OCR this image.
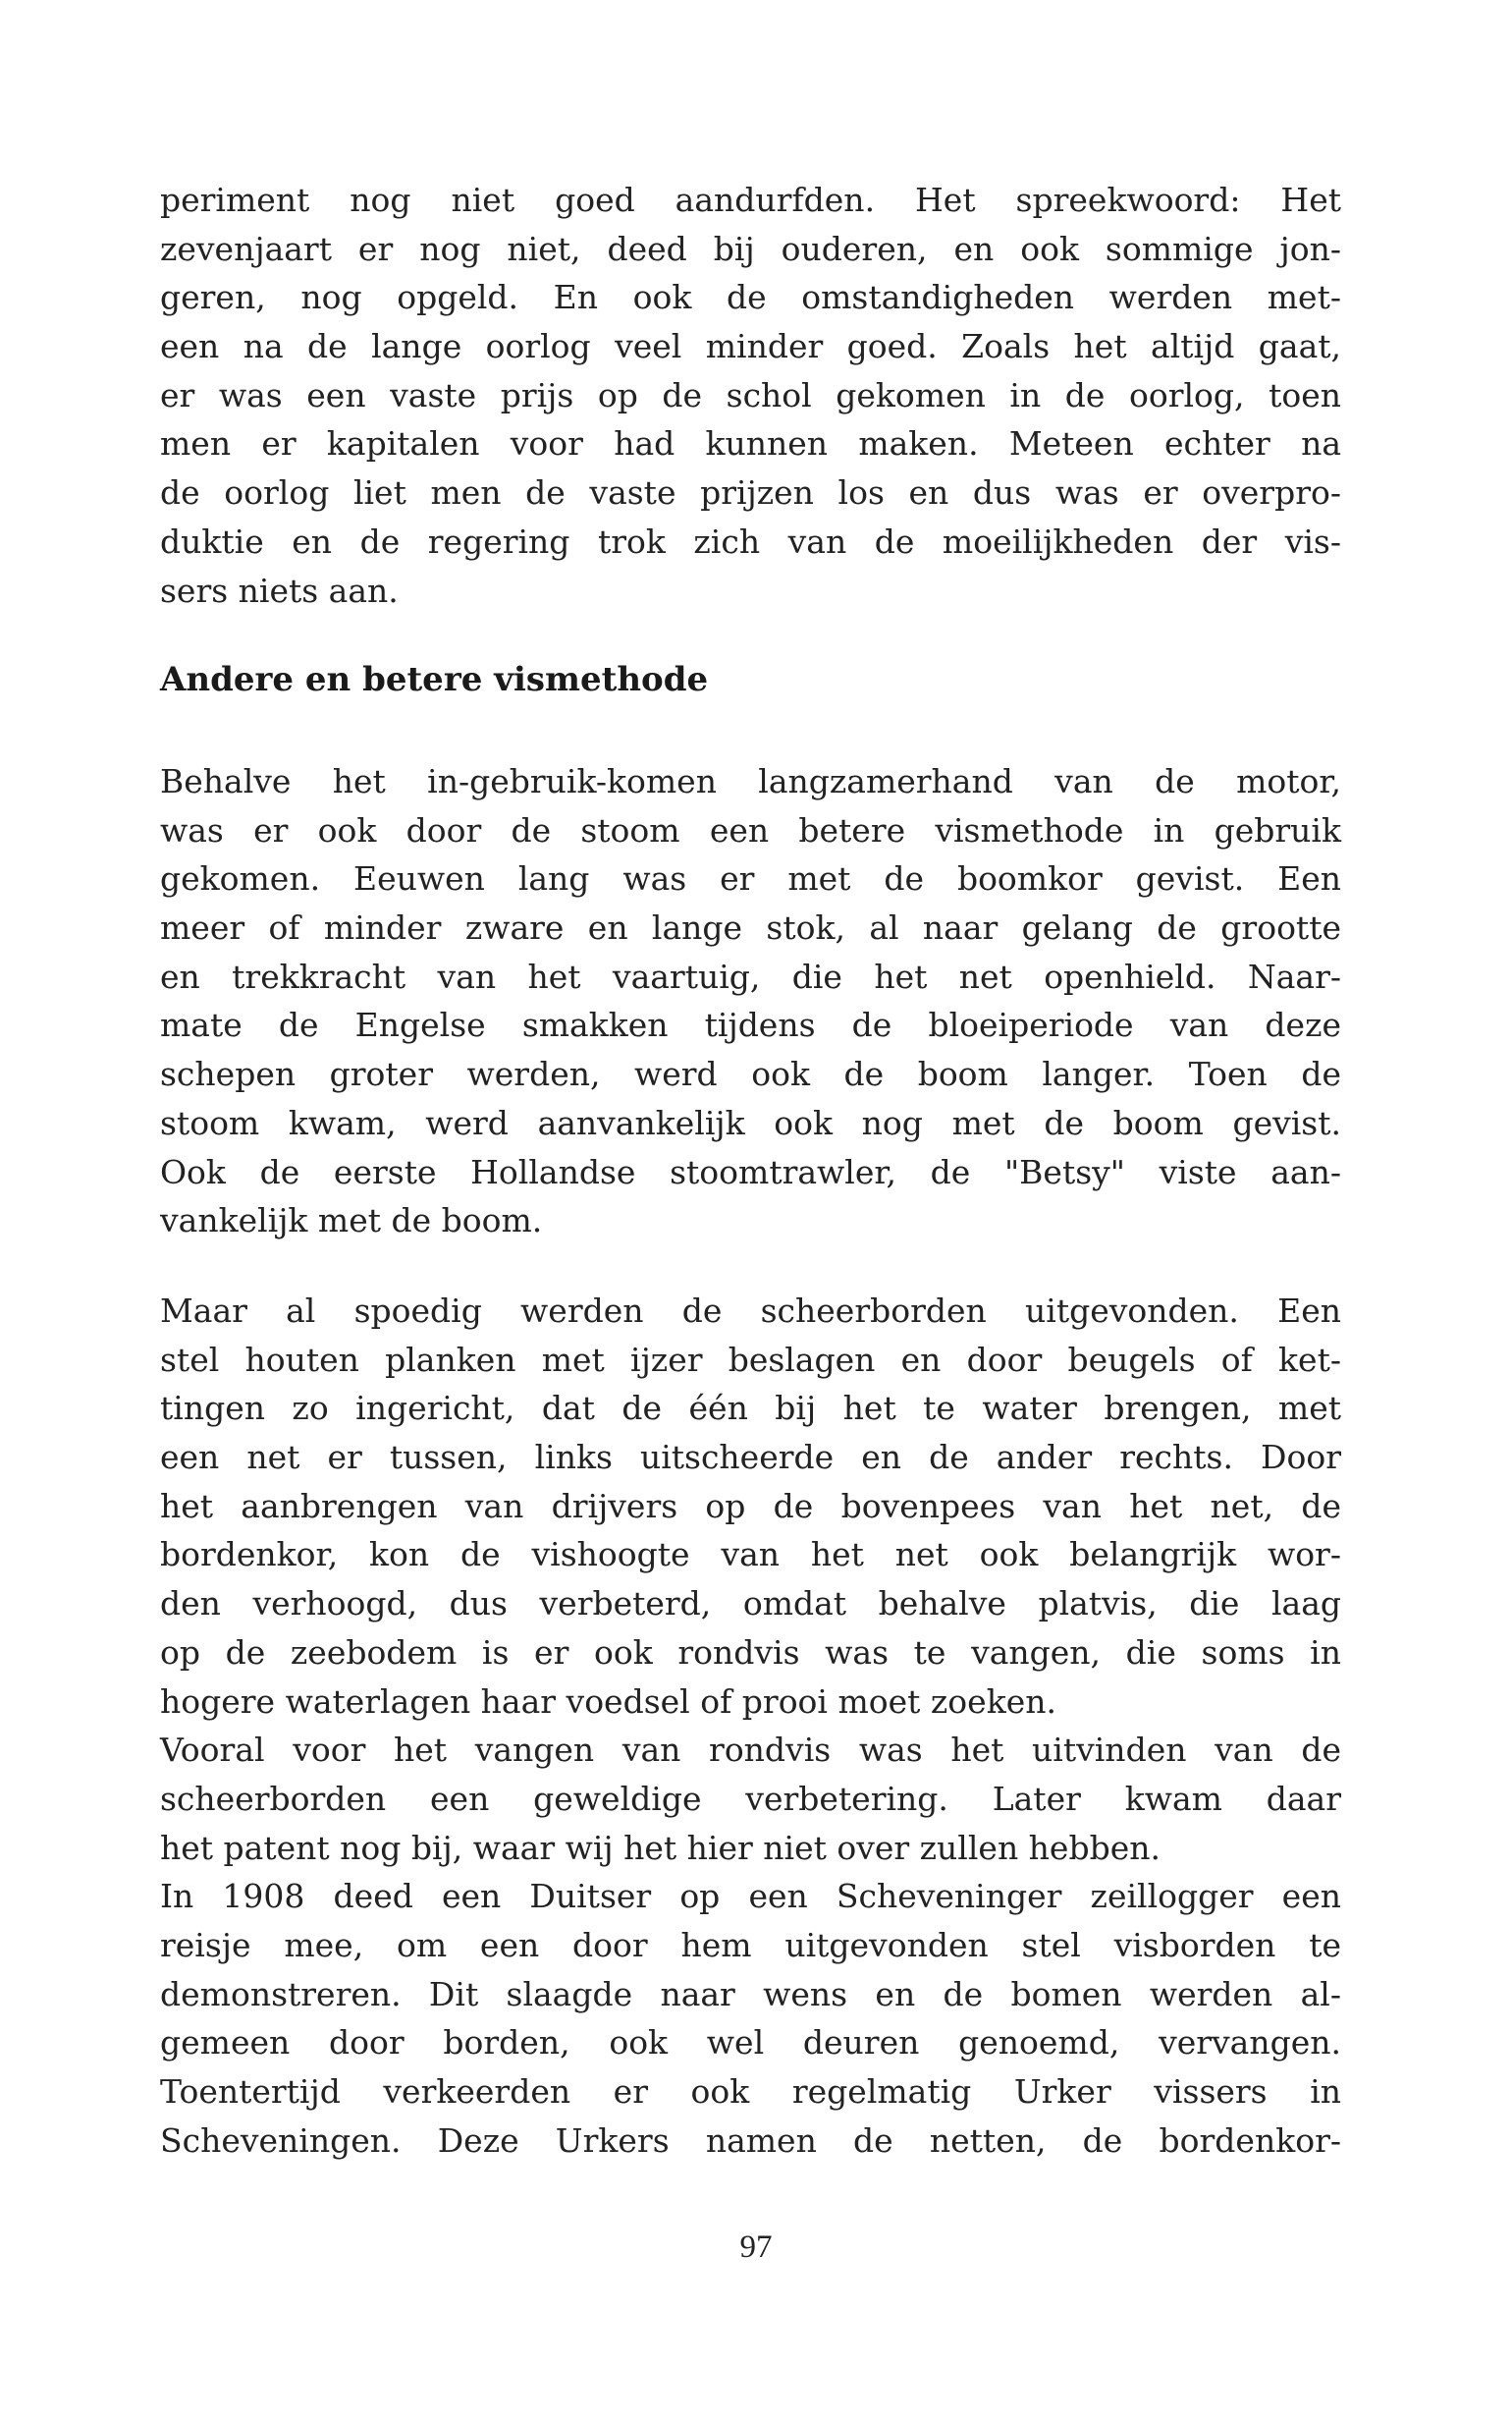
periment nog niet goed aandurfden. Het spreekwoord: Het
zevenjaart er nog niet, deed bij ouderen, en ook sommige jon-
geren, nog opgeld. En ook de omstandigheden werden met-
een na de lange oorlog veel minder goed. Zoals het altijd gaat,
er was een vaste prijs op de schol gekomen in de oorlog, toen
men er kapitalen voor had kunnen maken. Meteen echter na
de oorlog liet men de vaste prijzen los en dus was er overpro-
duktie en de regering trok zich van de moeilijkheden der vis-
sers niets aan.
Andere en betere vismethode
Behalve het in-gebruik-komen langzamerhand van de motor,
was er ook door de stoom een betere vismethode in gebruik
gekomen. Eeuwen lang was er met de boomkor gevist. Een
meer of minder zware en lange stok, al naar gelang de grootte
en trekkracht van het vaartuig, die het net openhield. Naar-
mate de Engelse smakken tijdens de bloeiperiode van deze
schepen groter werden, werd ook de boom langer. Toen de
stoom kwam, werd aanvankelijk ook nog met de boom gevist.
Ook de eerste Hollandse stoomtrawler, de "Betsy" viste aan-
vankelijk met de boom.
Maar al spoedig werden de scheerborden uitgevonden. Een
stel houten planken met ijzer beslagen en door beugels of ket-
tingen zo ingericht, dat de één bij het te water brengen, met
een net er tussen, links uitscheerde en de ander rechts. Door
het aanbrengen van drijvers op de bovenpees van het net, de
bordenkor, kon de vishoogte van het net ook belangrijk wor-
den verhoogd, dus verbeterd, omdat behalve platvis, die laag
op de zeebodem is er ook rondvis was te vangen, die soms in
hogere waterlagen haar voedsel of prooi moet zoeken.
Vooral voor het vangen van rondvis was het uitvinden van de
scheerborden een geweldige verbetering. Later kwam daar
het patent nog bij, waar wij het hier niet over zullen hebben.
In 1908 deed een Duitser op een Scheveninger zeillogger een
reisje mee, om een door hem uitgevonden stel visborden te
demonstreren. Dit slaagde naar wens en de bomen werden al-
gemeen door borden, ook wel deuren genoemd, vervangen.
Toentertijd verkeerden er ook regelmatig Urker vissers in
Scheveningen. Deze Urkers namen de netten, de bordenkor-
97
